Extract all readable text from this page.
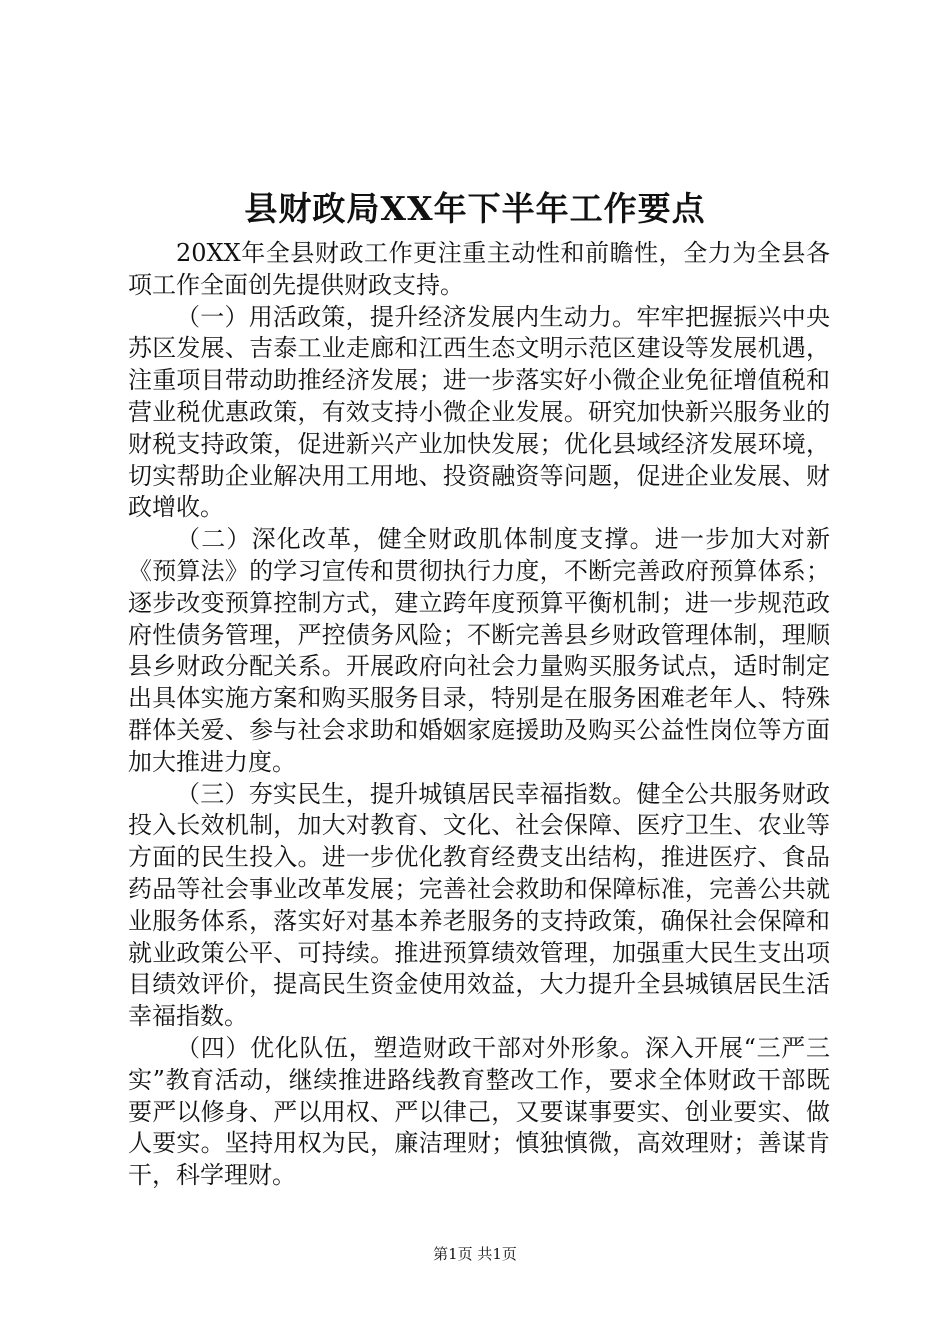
县财政局XX年下半年工作要点

20XX年全县财政工作更注重主动性和前瞻性，全力为全县各项工作全面创先提供财政支持。

（一）用活政策，提升经济发展内生动力。牢牢把握振兴中央苏区发展、吉泰工业走廊和江西生态文明示范区建设等发展机遇，注重项目带动助推经济发展；进一步落实好小微企业免征增值税和营业税优惠政策，有效支持小微企业发展。研究加快新兴服务业的财税支持政策，促进新兴产业加快发展；优化县域经济发展环境，切实帮助企业解决用工用地、投资融资等问题，促进企业发展、财政增收。

（二）深化改革，健全财政肌体制度支撑。进一步加大对新《预算法》的学习宣传和贯彻执行力度，不断完善政府预算体系；逐步改变预算控制方式，建立跨年度预算平衡机制；进一步规范政府性债务管理，严控债务风险；不断完善县乡财政管理体制，理顺县乡财政分配关系。开展政府向社会力量购买服务试点，适时制定出具体实施方案和购买服务目录，特别是在服务困难老年人、特殊群体关爱、参与社会求助和婚姻家庭援助及购买公益性岗位等方面加大推进力度。

（三）夯实民生，提升城镇居民幸福指数。健全公共服务财政投入长效机制，加大对教育、文化、社会保障、医疗卫生、农业等方面的民生投入。进一步优化教育经费支出结构，推进医疗、食品药品等社会事业改革发展；完善社会救助和保障标准，完善公共就业服务体系，落实好对基本养老服务的支持政策，确保社会保障和就业政策公平、可持续。推进预算绩效管理，加强重大民生支出项目绩效评价，提高民生资金使用效益，大力提升全县城镇居民生活幸福指数。

（四）优化队伍，塑造财政干部对外形象。深入开展“三严三实”教育活动，继续推进路线教育整改工作，要求全体财政干部既要严以修身、严以用权、严以律己，又要谋事要实、创业要实、做人要实。坚持用权为民，廉洁理财；慎独慎微，高效理财；善谋肯干，科学理财。

第1页 共1页
